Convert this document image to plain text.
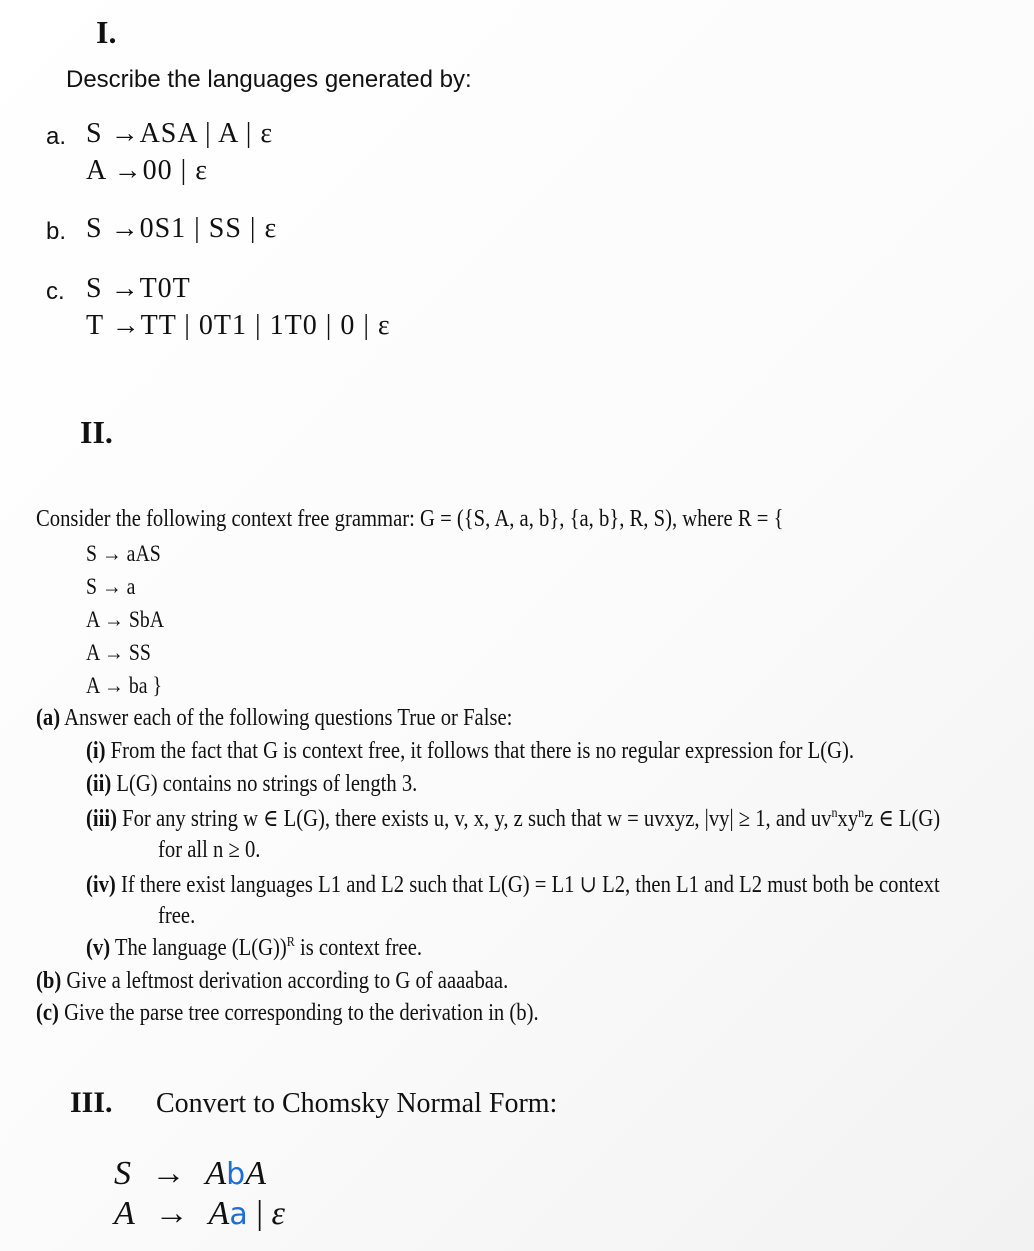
I.
Describe the languages generated by:
a. S →ASA | A | ε
A →00 | ε
b. S →0S1 | SS | ε
c. S →T0T
T →TT | 0T1 | 1T0 | 0 | ε
II.
Consider the following context free grammar: G = ({S, A, a, b}, {a, b}, R, S), where R = {
S → aAS
S → a
A → SbA
A → SS
A → ba }
(a) Answer each of the following questions True or False:
(i) From the fact that G is context free, it follows that there is no regular expression for L(G).
(ii) L(G) contains no strings of length 3.
(iii) For any string w ∈ L(G), there exists u, v, x, y, z such that w = uvxyz, |vy| ≥ 1, and $uv^nxy^nz$ ∈ L(G)
for all n ≥ 0.
(iv) If there exist languages L1 and L2 such that L(G) = L1 ∪ L2, then L1 and L2 must both be context
free.
(v) The language $(L(G))^R$ is context free.
(b) Give a leftmost derivation according to G of aaaabaa.
(c) Give the parse tree corresponding to the derivation in (b).
III. Convert to Chomsky Normal Form:
S → AbA
A → Aa | ε
